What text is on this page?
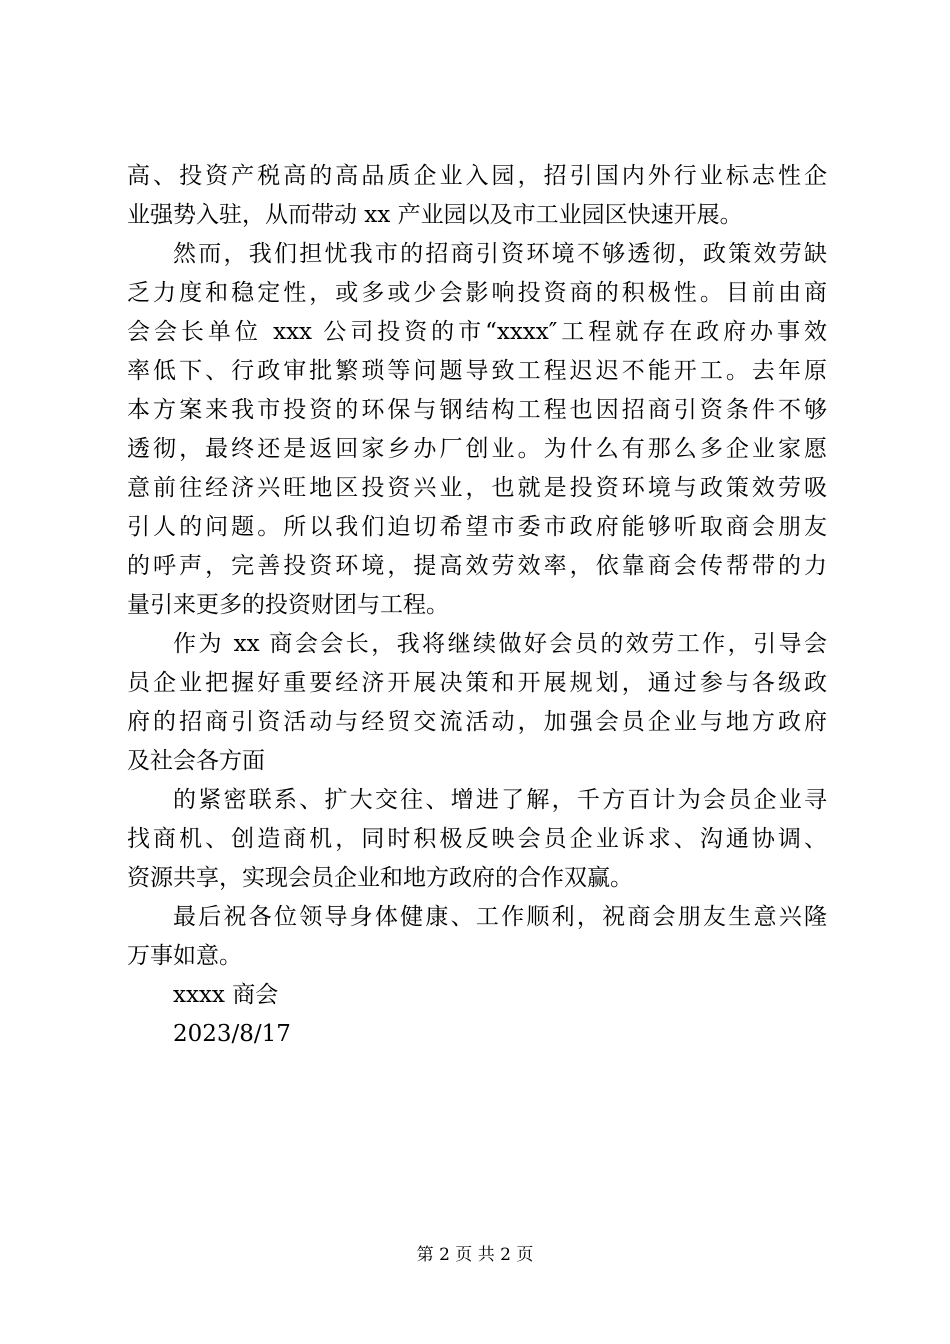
高、投资产税高的高品质企业入园，招引国内外行业标志性企
业强势入驻，从而带动 xx 产业园以及市工业园区快速开展。
然而，我们担忧我市的招商引资环境不够透彻，政策效劳缺
乏力度和稳定性，或多或少会影响投资商的积极性。目前由商
会会长单位 xxx 公司投资的市“xxxx″工程就存在政府办事效
率低下、行政审批繁琐等问题导致工程迟迟不能开工。去年原
本方案来我市投资的环保与钢结构工程也因招商引资条件不够
透彻，最终还是返回家乡办厂创业。为什么有那么多企业家愿
意前往经济兴旺地区投资兴业，也就是投资环境与政策效劳吸
引人的问题。所以我们迫切希望市委市政府能够听取商会朋友
的呼声，完善投资环境，提高效劳效率，依靠商会传帮带的力
量引来更多的投资财团与工程。
作为 xx 商会会长，我将继续做好会员的效劳工作，引导会
员企业把握好重要经济开展决策和开展规划，通过参与各级政
府的招商引资活动与经贸交流活动，加强会员企业与地方政府
及社会各方面
的紧密联系、扩大交往、增进了解，千方百计为会员企业寻
找商机、创造商机，同时积极反映会员企业诉求、沟通协调、
资源共享，实现会员企业和地方政府的合作双赢。
最后祝各位领导身体健康、工作顺利，祝商会朋友生意兴隆
万事如意。
xxxx 商会
2023/8/17
第 2 页 共 2 页
